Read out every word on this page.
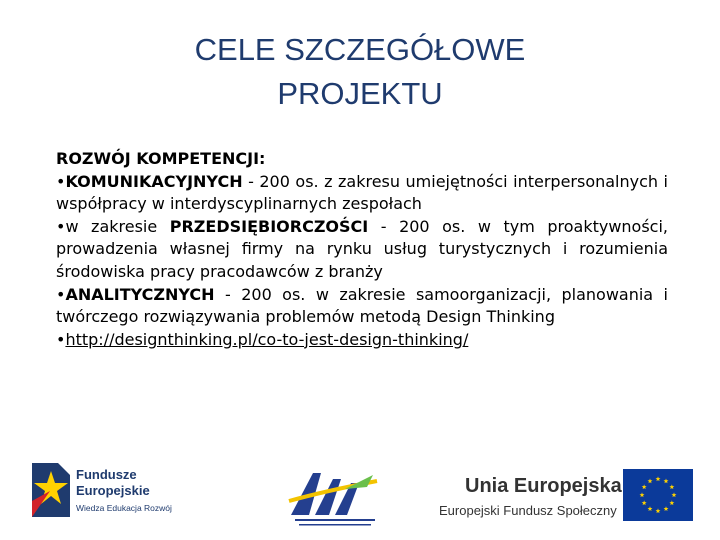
CELE SZCZEGÓŁOWE
PROJEKTU

ROZWÓJ KOMPETENCJI:

•KOMUNIKACYJNYCH - 200 os. z zakresu umiejętności interpersonalnych i współpracy w interdyscyplinarnych zespołach

•w zakresie PRZEDSIĘBIORCZOŚCI - 200 os. w tym proaktywności, prowadzenia własnej firmy na rynku usług turystycznych i rozumienia środowiska pracy pracodawców z branży

•ANALITYCZNYCH - 200 os. w zakresie samoorganizacji, planowania i twórczego rozwiązywania problemów metodą Design Thinking

•http://designthinking.pl/co-to-jest-design-thinking/

Fundusze
Europejskie
Wiedza Edukacja Rozwój
Unia Europejska
Europejski Fundusz Społeczny
